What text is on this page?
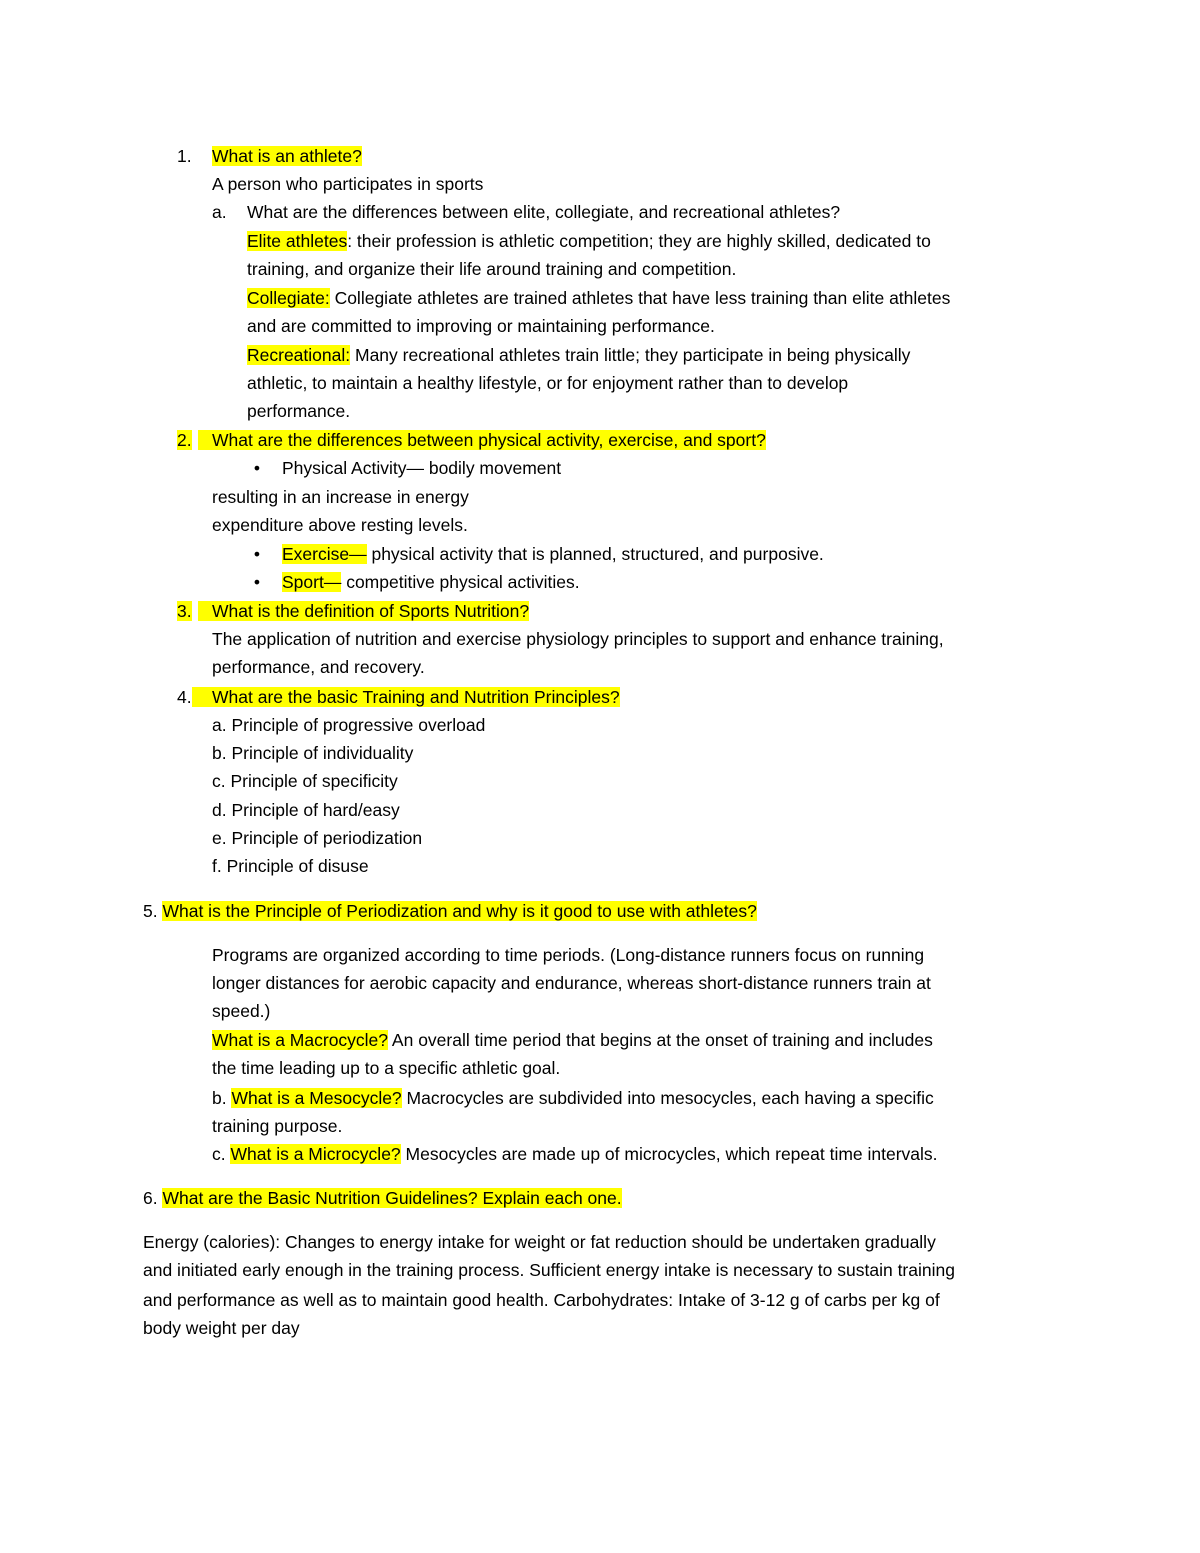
1. What is an athlete?
A person who participates in sports
a. What are the differences between elite, collegiate, and recreational athletes?
Elite athletes: their profession is athletic competition; they are highly skilled, dedicated to
training, and organize their life around training and competition.
Collegiate: Collegiate athletes are trained athletes that have less training than elite athletes
and are committed to improving or maintaining performance.
Recreational: Many recreational athletes train little; they participate in being physically
athletic, to maintain a healthy lifestyle, or for enjoyment rather than to develop
performance.
2.	What are the differences between physical activity, exercise, and sport?
• Physical Activity— bodily movement
resulting in an increase in energy
expenditure above resting levels.
• Exercise— physical activity that is planned, structured, and purposive.
• Sport— competitive physical activities.
3.	What is the definition of Sports Nutrition?
The application of nutrition and exercise physiology principles to support and enhance training,
performance, and recovery.
4.	What are the basic Training and Nutrition Principles?
a. Principle of progressive overload
b. Principle of individuality
c. Principle of specificity
d. Principle of hard/easy
e. Principle of periodization
f. Principle of disuse
5. What is the Principle of Periodization and why is it good to use with athletes?
Programs are organized according to time periods. (Long-distance runners focus on running
longer distances for aerobic capacity and endurance, whereas short-distance runners train at
speed.)
What is a Macrocycle? An overall time period that begins at the onset of training and includes
the time leading up to a specific athletic goal.
b. What is a Mesocycle? Macrocycles are subdivided into mesocycles, each having a specific
training purpose.
c. What is a Microcycle? Mesocycles are made up of microcycles, which repeat time intervals.
6. What are the Basic Nutrition Guidelines? Explain each one.
Energy (calories): Changes to energy intake for weight or fat reduction should be undertaken gradually
and initiated early enough in the training process. Sufficient energy intake is necessary to sustain training
and performance as well as to maintain good health. Carbohydrates: Intake of 3-12 g of carbs per kg of
body weight per day
